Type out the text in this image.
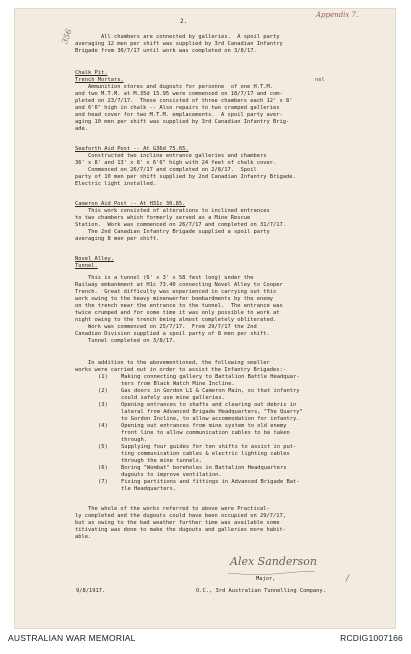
Appendix 7.
356
2.
All chambers are connected by galleries.  A spoil party
averaging 12 men per shift was supplied by 3rd Canadian Infantry
Brigade from 30/7/17 until work was completed on 3/8/17.
Chalk Pit.
Trench Mortars.	nel
Ammunition stores and dugouts for personne  of one H.T.M.
and two M.T.M. at M.35d 15.95 were commenced on 18/7/17 and com-
pleted on 23/7/17.  These consisted of three chambers each 12' x 8'
and 6'6" high in chalk -- Also repairs to two cramped galleries
and head cover for two M.T.M. emplacements.  A spoil party aver-
aging 10 men per shift was supplied by 3rd Canadian Infantry Brig-
ade.
Seaforth Aid Post -- At G36d 75.65.
Constructed two incline entrance galleries and chambers
36' x 8' and 13' x 8' x 6'6" high with 24 feet of chalk cover.
Commenced on 26/7/17 and completed on 2/8/17.  Spoil
party of 10 men per shift supplied by 2nd Canadian Infantry Brigade.
Electric light installed.
Cameron Aid Post -- At H31c 30.85.
This work consisted of alterations to inclined entrances
to two chambers which formerly served as a Mine Rescue
Station.  Work was commenced on 26/7/17 and completed on 31/7/17.
The 2nd Canadian Infantry Brigade supplied a spoil party
averaging 8 men per shift.
Novel Alley.
Tunnel.
This is a tunnel (6' x 3' x 58 fest long) under the
Railway embankment at H1c 73.40 connecting Novel Alley to Cooper
Trench.  Great difficulty was experienced in carrying out this
work owing to the heavy minenwerfer bombardments by the enemy
on the trench near the entrance to the tunnel.  The entrance was
twice crumped and for some time it was only possible to work at
night owing to the trench being almost completely obliterated.
Work was commenced on 25/7/17.  From 29/7/17 the 2nd
Canadian Division supplied a spoil party of 8 men per shift.
Tunnel completed on 3/8/17.
In addition to the abovementioned, the following smaller
works were carried out in order to assist the Infantry Brigades:-
(1) Making connecting gallery to Battalion Battle Headquar-
ters from Black Watch Mine Incline.
(2) Gas doors in Gordon L1 & Cameron Main, so that infantry
could safely use mine galleries.
(3) Opening entrances to shafts and clearing out debris in
lateral from Advanced Brigade Headquarters, "The Quarry"
to Gordon Incline, to allow accommodation for infantry.
(4) Opening out entrances from mine system to old enemy
front line to allow communication cables to be taken
through.
(5) Supplying four guides for ten shifts to assist in put-
ting communication cables & electric lighting cables
through the mine tunnels.
(6) Boring "Wombat" boreholes in Battalion Headquarters
dugouts to improve ventilation.
(7) Fixing partitions and fittings in Advanced Brigade Bat-
tle Headquarters.
The whole of the works referred to above were Practical-
ly completed and the dugouts could have been occupied on 29/7/17,
but as owing to the bad weather further time was available some
titivating was done to make the dugouts and galleries more habit-
able.
Alex Sanderson
/
Major,
9/8/1917.	O.C., 3rd Australian Tunnelling Company.
AUSTRALIAN WAR MEMORIAL	RCDIG1007166
